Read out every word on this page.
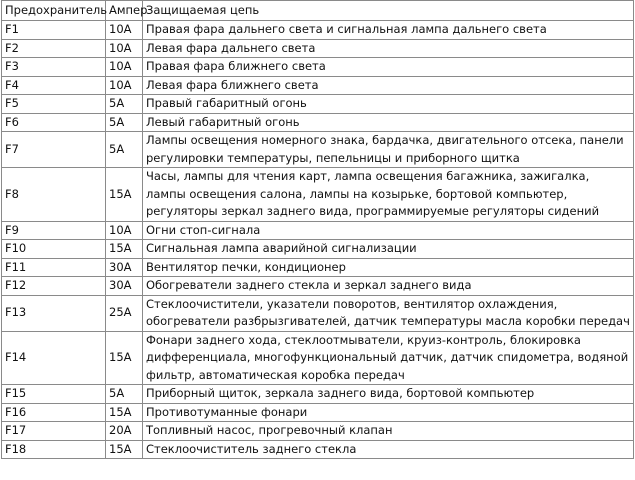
Предохранитель	Ампер	Защищаемая цепь
F1	10A	Правая фара дальнего света и сигнальная лампа дальнего света
F2	10A	Левая фара дальнего света
F3	10A	Правая фара ближнего света
F4	10A	Левая фара ближнего света
F5	5A	Правый габаритный огонь
F6	5A	Левый габаритный огонь
F7	5A	Лампы освещения номерного знака, бардачка, двигательного отсека, панели регулировки температуры, пепельницы и приборного щитка
F8	15A	Часы, лампы для чтения карт, лампа освещения багажника, зажигалка, лампы освещения салона, лампы на козырьке, бортовой компьютер, регуляторы зеркал заднего вида, программируемые регуляторы сидений
F9	10A	Огни стоп-сигнала
F10	15A	Сигнальная лампа аварийной сигнализации
F11	30A	Вентилятор печки, кондиционер
F12	30A	Обогреватели заднего стекла и зеркал заднего вида
F13	25A	Стеклоочистители, указатели поворотов, вентилятор охлаждения, обогреватели разбрызгивателей, датчик температуры масла коробки передач
F14	15A	Фонари заднего хода, стеклоотмыватели, круиз-контроль, блокировка дифференциала, многофункциональный датчик, датчик спидометра, водяной фильтр, автоматическая коробка передач
F15	5A	Приборный щиток, зеркала заднего вида, бортовой компьютер
F16	15A	Противотуманные фонари
F17	20A	Топливный насос, прогревочный клапан
F18	15A	Стеклоочиститель заднего стекла
